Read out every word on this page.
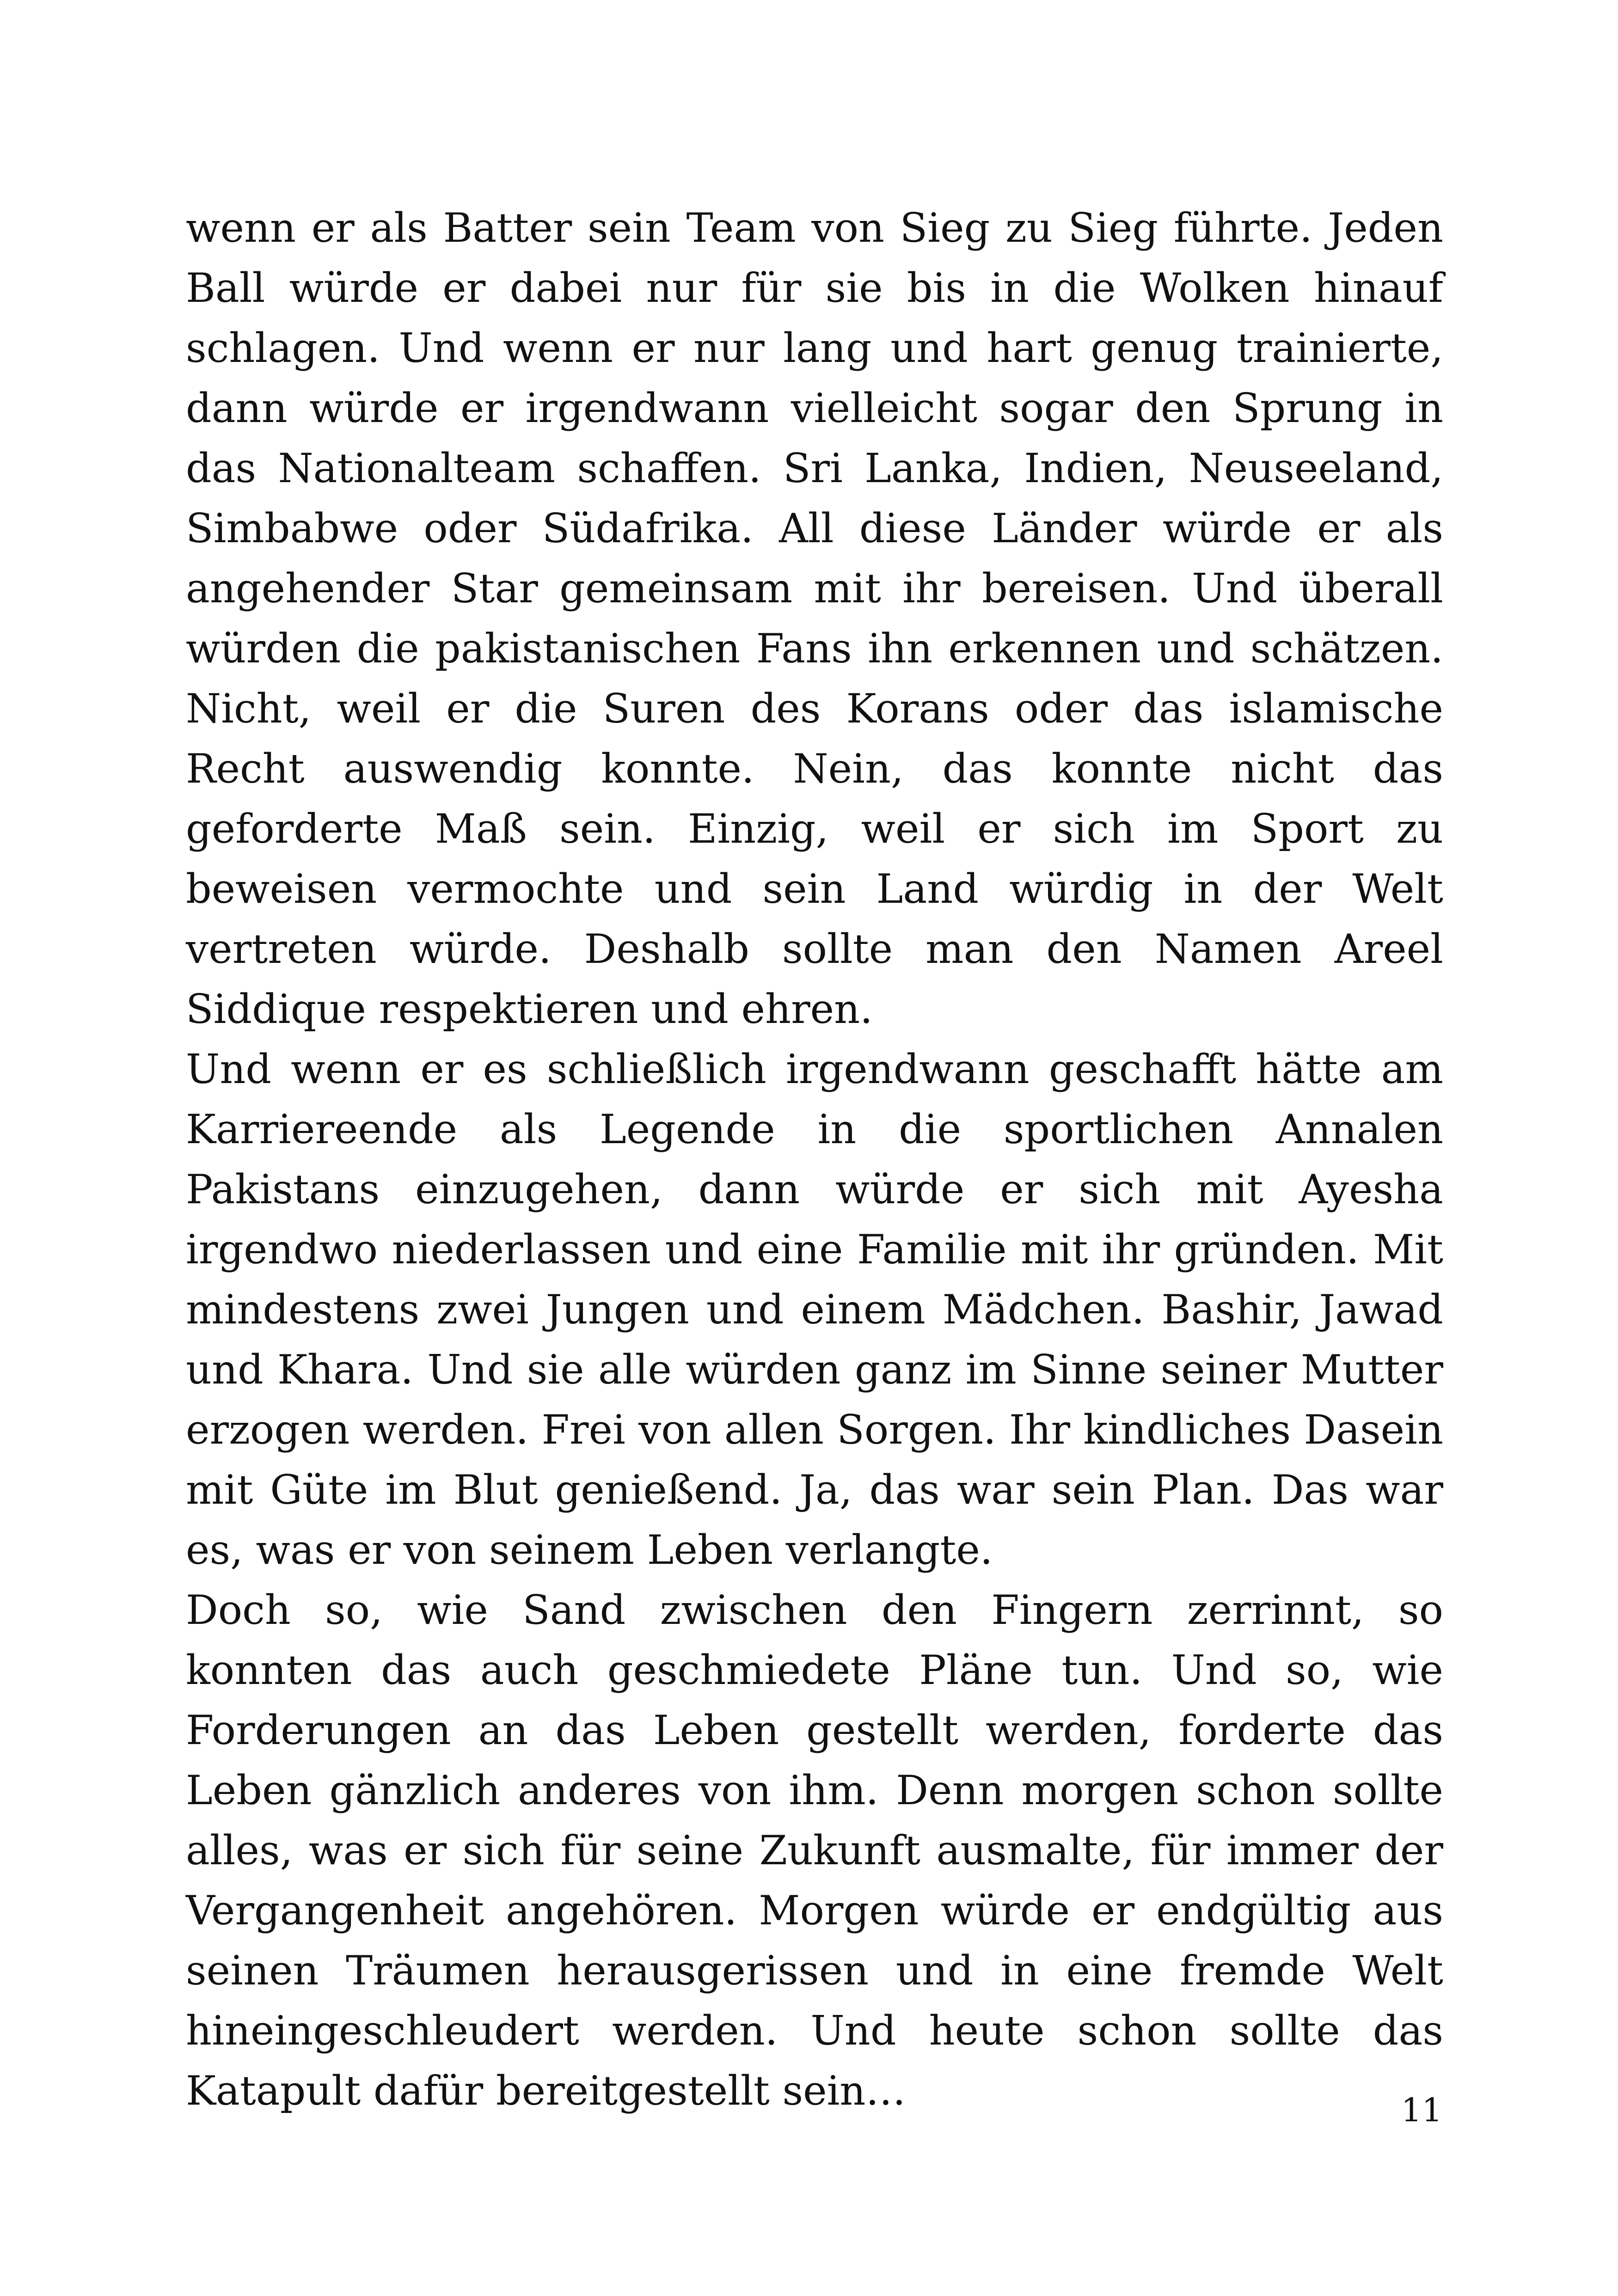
wenn er als Batter sein Team von Sieg zu Sieg führte. Jeden Ball würde er dabei nur für sie bis in die Wolken hinauf schlagen. Und wenn er nur lang und hart genug trainierte, dann würde er irgendwann vielleicht sogar den Sprung in das Nationalteam schaffen. Sri Lanka, Indien, Neuseeland, Simbabwe oder Südafrika. All diese Länder würde er als angehender Star gemeinsam mit ihr bereisen. Und überall würden die pakistanischen Fans ihn erkennen und schätzen. Nicht, weil er die Suren des Korans oder das islamische Recht auswendig konnte. Nein, das konnte nicht das geforderte Maß sein. Einzig, weil er sich im Sport zu beweisen vermochte und sein Land würdig in der Welt vertreten würde. Deshalb sollte man den Namen Areel Siddique respektieren und ehren.

Und wenn er es schließlich irgendwann geschafft hätte am Karriereende als Legende in die sportlichen Annalen Pakistans einzugehen, dann würde er sich mit Ayesha irgendwo niederlassen und eine Familie mit ihr gründen. Mit mindestens zwei Jungen und einem Mädchen. Bashir, Jawad und Khara. Und sie alle würden ganz im Sinne seiner Mutter erzogen werden. Frei von allen Sorgen. Ihr kindliches Dasein mit Güte im Blut genießend. Ja, das war sein Plan. Das war es, was er von seinem Leben verlangte.

Doch so, wie Sand zwischen den Fingern zerrinnt, so konnten das auch geschmiedete Pläne tun. Und so, wie Forderungen an das Leben gestellt werden, forderte das Leben gänzlich anderes von ihm. Denn morgen schon sollte alles, was er sich für seine Zukunft ausmalte, für immer der Vergangenheit angehören. Morgen würde er endgültig aus seinen Träumen herausgerissen und in eine fremde Welt hineingeschleudert werden. Und heute schon sollte das Katapult dafür bereitgestellt sein…	11
